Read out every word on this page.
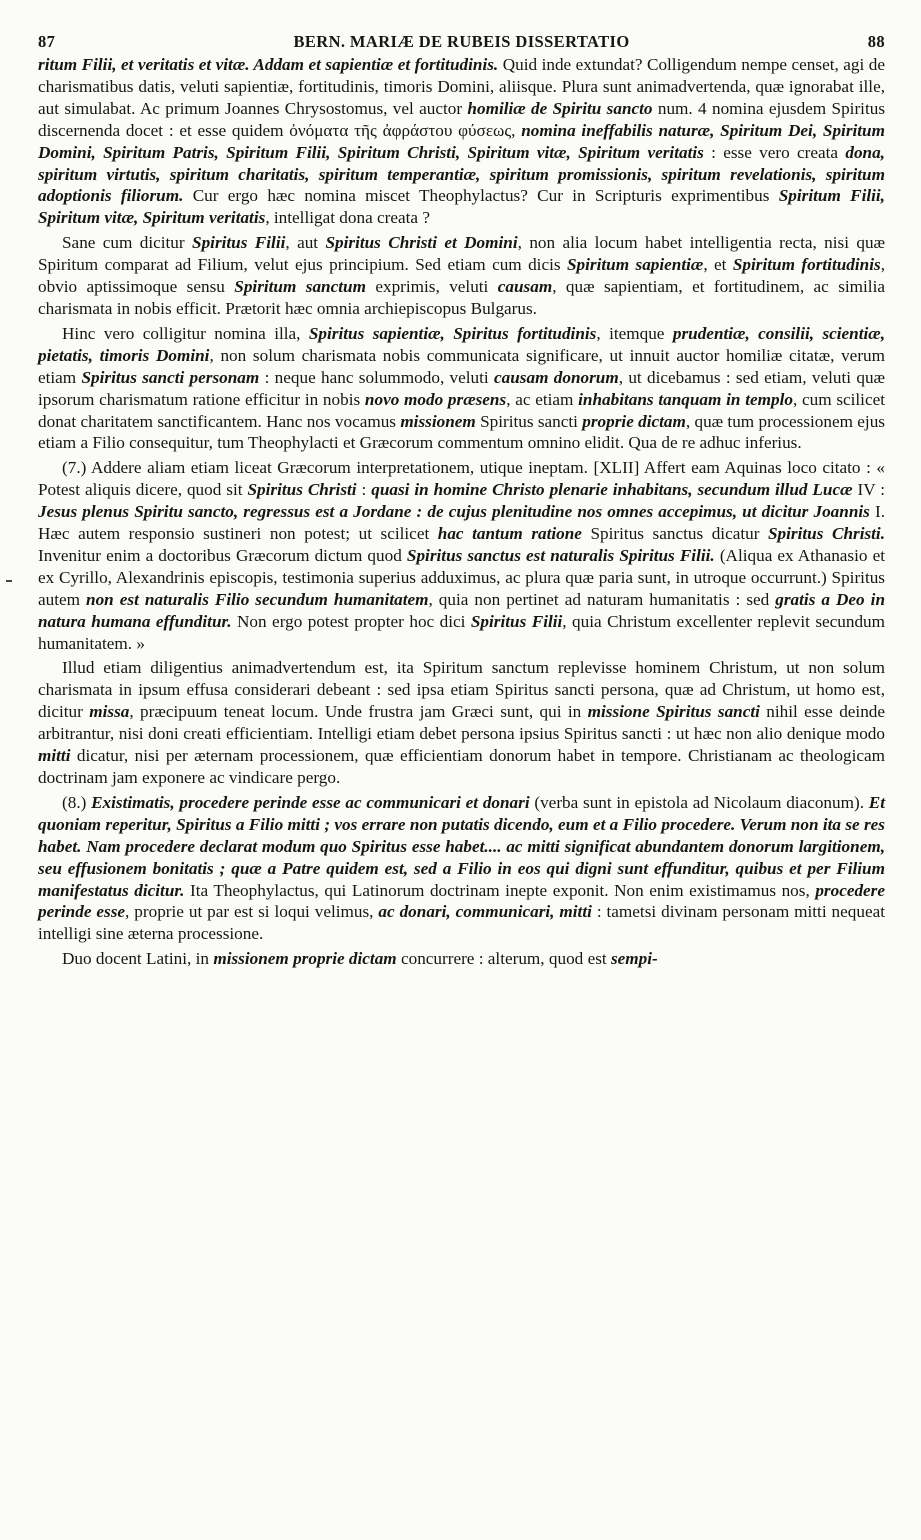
87	BERN. MARIÆ DE RUBEIS DISSERTATIO	88

ritum Filii, et veritatis et vitæ. Addam et sapientiæ et fortitudinis. Quid inde extundat? Colligendum nempe censet, agi de charismatibus datis, veluti sapientiæ, fortitudinis, timoris Domini, aliisque. Plura sunt animadvertenda, quæ ignorabat ille, aut simulabat. Ac primum Joannes Chrysostomus, vel auctor homiliæ de Spiritu sancto num. 4 nomina ejusdem Spiritus discernenda docet : et esse quidem ὀνόματα τῆς ἀφράστου φύσεως, nomina ineffabilis naturæ, Spiritum Dei, Spiritum Domini, Spiritum Patris, Spiritum Filii, Spiritum Christi, Spiritum vitæ, Spiritum veritatis : esse vero creata dona, spiritum virtutis, spiritum charitatis, spiritum temperantiæ, spiritum promissionis, spiritum revelationis, spiritum adoptionis filiorum. Cur ergo hæc nomina miscet Theophylactus? Cur in Scripturis exprimentibus Spiritum Filii, Spiritum vitæ, Spiritum veritatis, intelligat dona creata ?

Sane cum dicitur Spiritus Filii, aut Spiritus Christi et Domini, non alia locum habet intelligentia recta, nisi quæ Spiritum comparat ad Filium, velut ejus principium. Sed etiam cum dicis Spiritum sapientiæ, et Spiritum fortitudinis, obvio aptissimoque sensu Spiritum sanctum exprimis, veluti causam, quæ sapientiam, et fortitudinem, ac similia charismata in nobis efficit. Prætorit hæc omnia archiepiscopus Bulgarus.

Hinc vero colligitur nomina illa, Spiritus sapientiæ, Spiritus fortitudinis, itemque prudentiæ, consilii, scientiæ, pietatis, timoris Domini, non solum charismata nobis communicata significare, ut innuit auctor homiliæ citatæ, verum etiam Spiritus sancti personam : neque hanc solummodo, veluti causam donorum, ut dicebamus : sed etiam, veluti quæ ipsorum charismatum ratione efficitur in nobis novo modo præsens, ac etiam inhabitans tanquam in templo, cum scilicet donat charitatem sanctificantem. Hanc nos vocamus missionem Spiritus sancti proprie dictam, quæ tum processionem ejus etiam a Filio consequitur, tum Theophylacti et Græcorum commentum omnino elidit. Qua de re adhuc inferius.

(7.) Addere aliam etiam liceat Græcorum interpretationem, utique ineptam. [XLII] Affert eam Aquinas loco citato : « Potest aliquis dicere, quod sit Spiritus Christi : quasi in homine Christo plenarie inhabitans, secundum illud Lucæ IV : Jesus plenus Spiritu sancto, regressus est a Jordane : de cujus plenitudine nos omnes accepimus, ut dicitur Joannis I. Hæc autem responsio sustineri non potest; ut scilicet hac tantum ratione Spiritus sanctus dicatur Spiritus Christi. Invenitur enim a doctoribus Græcorum dictum quod Spiritus sanctus est naturalis Spiritus Filii. (Aliqua ex Athanasio et ex Cyrillo, Alexandrinis episcopis, testimonia superius adduximus, ac plura quæ paria sunt, in utroque occurrunt.) Spiritus autem non est naturalis Filio secundum humanitatem, quia non pertinet ad naturam humanitatis : sed gratis a Deo in natura humana effunditur. Non ergo potest propter hoc dici Spiritus Filii, quia Christum excellenter replevit secundum humanitatem. »

Illud etiam diligentius animadvertendum est, ita Spiritum sanctum replevisse hominem Christum, ut non solum charismata in ipsum effusa considerari debeant : sed ipsa etiam Spiritus sancti persona, quæ ad Christum, ut homo est, dicitur missa, præcipuum teneat locum. Unde frustra jam Græci sunt, qui in missione Spiritus sancti nihil esse deinde arbitrantur, nisi doni creati efficientiam. Intelligi etiam debet persona ipsius Spiritus sancti : ut hæc non alio denique modo mitti dicatur, nisi per æternam processionem, quæ efficientiam donorum habet in tempore. Christianam ac theologicam doctrinam jam exponere ac vindicare pergo.

(8.) Existimatis, procedere perinde esse ac communicari et donari (verba sunt in epistola ad Nicolaum diaconum). Et quoniam reperitur, Spiritus a Filio mitti ; vos errare non putatis dicendo, eum et a Filio procedere. Verum non ita se res habet. Nam procedere declarat modum quo Spiritus esse habet.... ac mitti significat abundantem donorum largitionem, seu effusionem bonitatis ; quæ a Patre quidem est, sed a Filio in eos qui digni sunt effunditur, quibus et per Filium manifestatus dicitur. Ita Theophylactus, qui Latinorum doctrinam inepte exponit. Non enim existimamus nos, procedere perinde esse, proprie ut par est si loqui velimus, ac donari, communicari, mitti : tametsi divinam personam mitti nequeat intelligi sine æterna processione.

Duo docent Latini, in missionem proprie dictam concurrere : alterum, quod est sempi-
